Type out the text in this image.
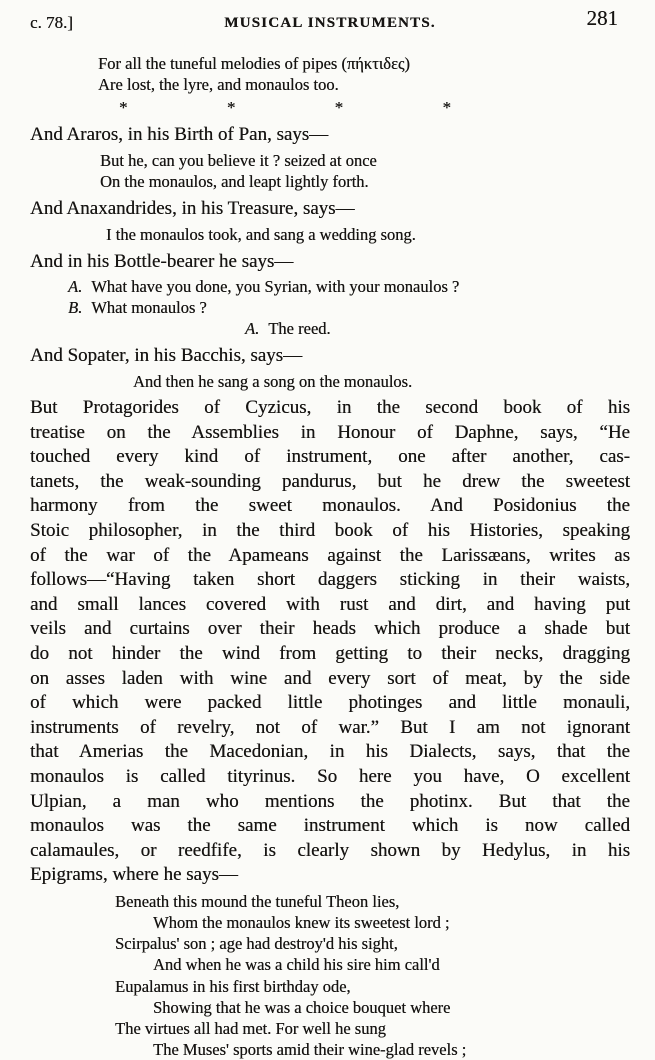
c. 78.]	MUSICAL INSTRUMENTS.	281
For all the tuneful melodies of pipes (πήκτιδες)
Are lost, the lyre, and monaulos too.
*	*	*	*
And Araros, in his Birth of Pan, says—
But he, can you believe it ? seized at once
On the monaulos, and leapt lightly forth.
And Anaxandrides, in his Treasure, says—
I the monaulos took, and sang a wedding song.
And in his Bottle-bearer he says—
A. What have you done, you Syrian, with your monaulos ?
B. What monaulos ?
A. The reed.
And Sopater, in his Bacchis, says—
And then he sang a song on the monaulos.
But Protagorides of Cyzicus, in the second book of his
treatise on the Assemblies in Honour of Daphne, says, “He
touched every kind of instrument, one after another, cas-
tanets, the weak-sounding pandurus, but he drew the sweetest
harmony from the sweet monaulos. And Posidonius the
Stoic philosopher, in the third book of his Histories, speaking
of the war of the Apameans against the Larissæans, writes as
follows—“Having taken short daggers sticking in their waists,
and small lances covered with rust and dirt, and having put
veils and curtains over their heads which produce a shade but
do not hinder the wind from getting to their necks, dragging
on asses laden with wine and every sort of meat, by the side
of which were packed little photinges and little monauli,
instruments of revelry, not of war.” But I am not ignorant
that Amerias the Macedonian, in his Dialects, says, that the
monaulos is called tityrinus. So here you have, O excellent
Ulpian, a man who mentions the photinx. But that the
monaulos was the same instrument which is now called
calamaules, or reedfife, is clearly shown by Hedylus, in his
Epigrams, where he says—
Beneath this mound the tuneful Theon lies,
Whom the monaulos knew its sweetest lord ;
Scirpalus' son ; age had destroy'd his sight,
And when he was a child his sire him call'd
Eupalamus in his first birthday ode,
Showing that he was a choice bouquet where
The virtues all had met. For well he sung
The Muses' sports amid their wine-glad revels ;
